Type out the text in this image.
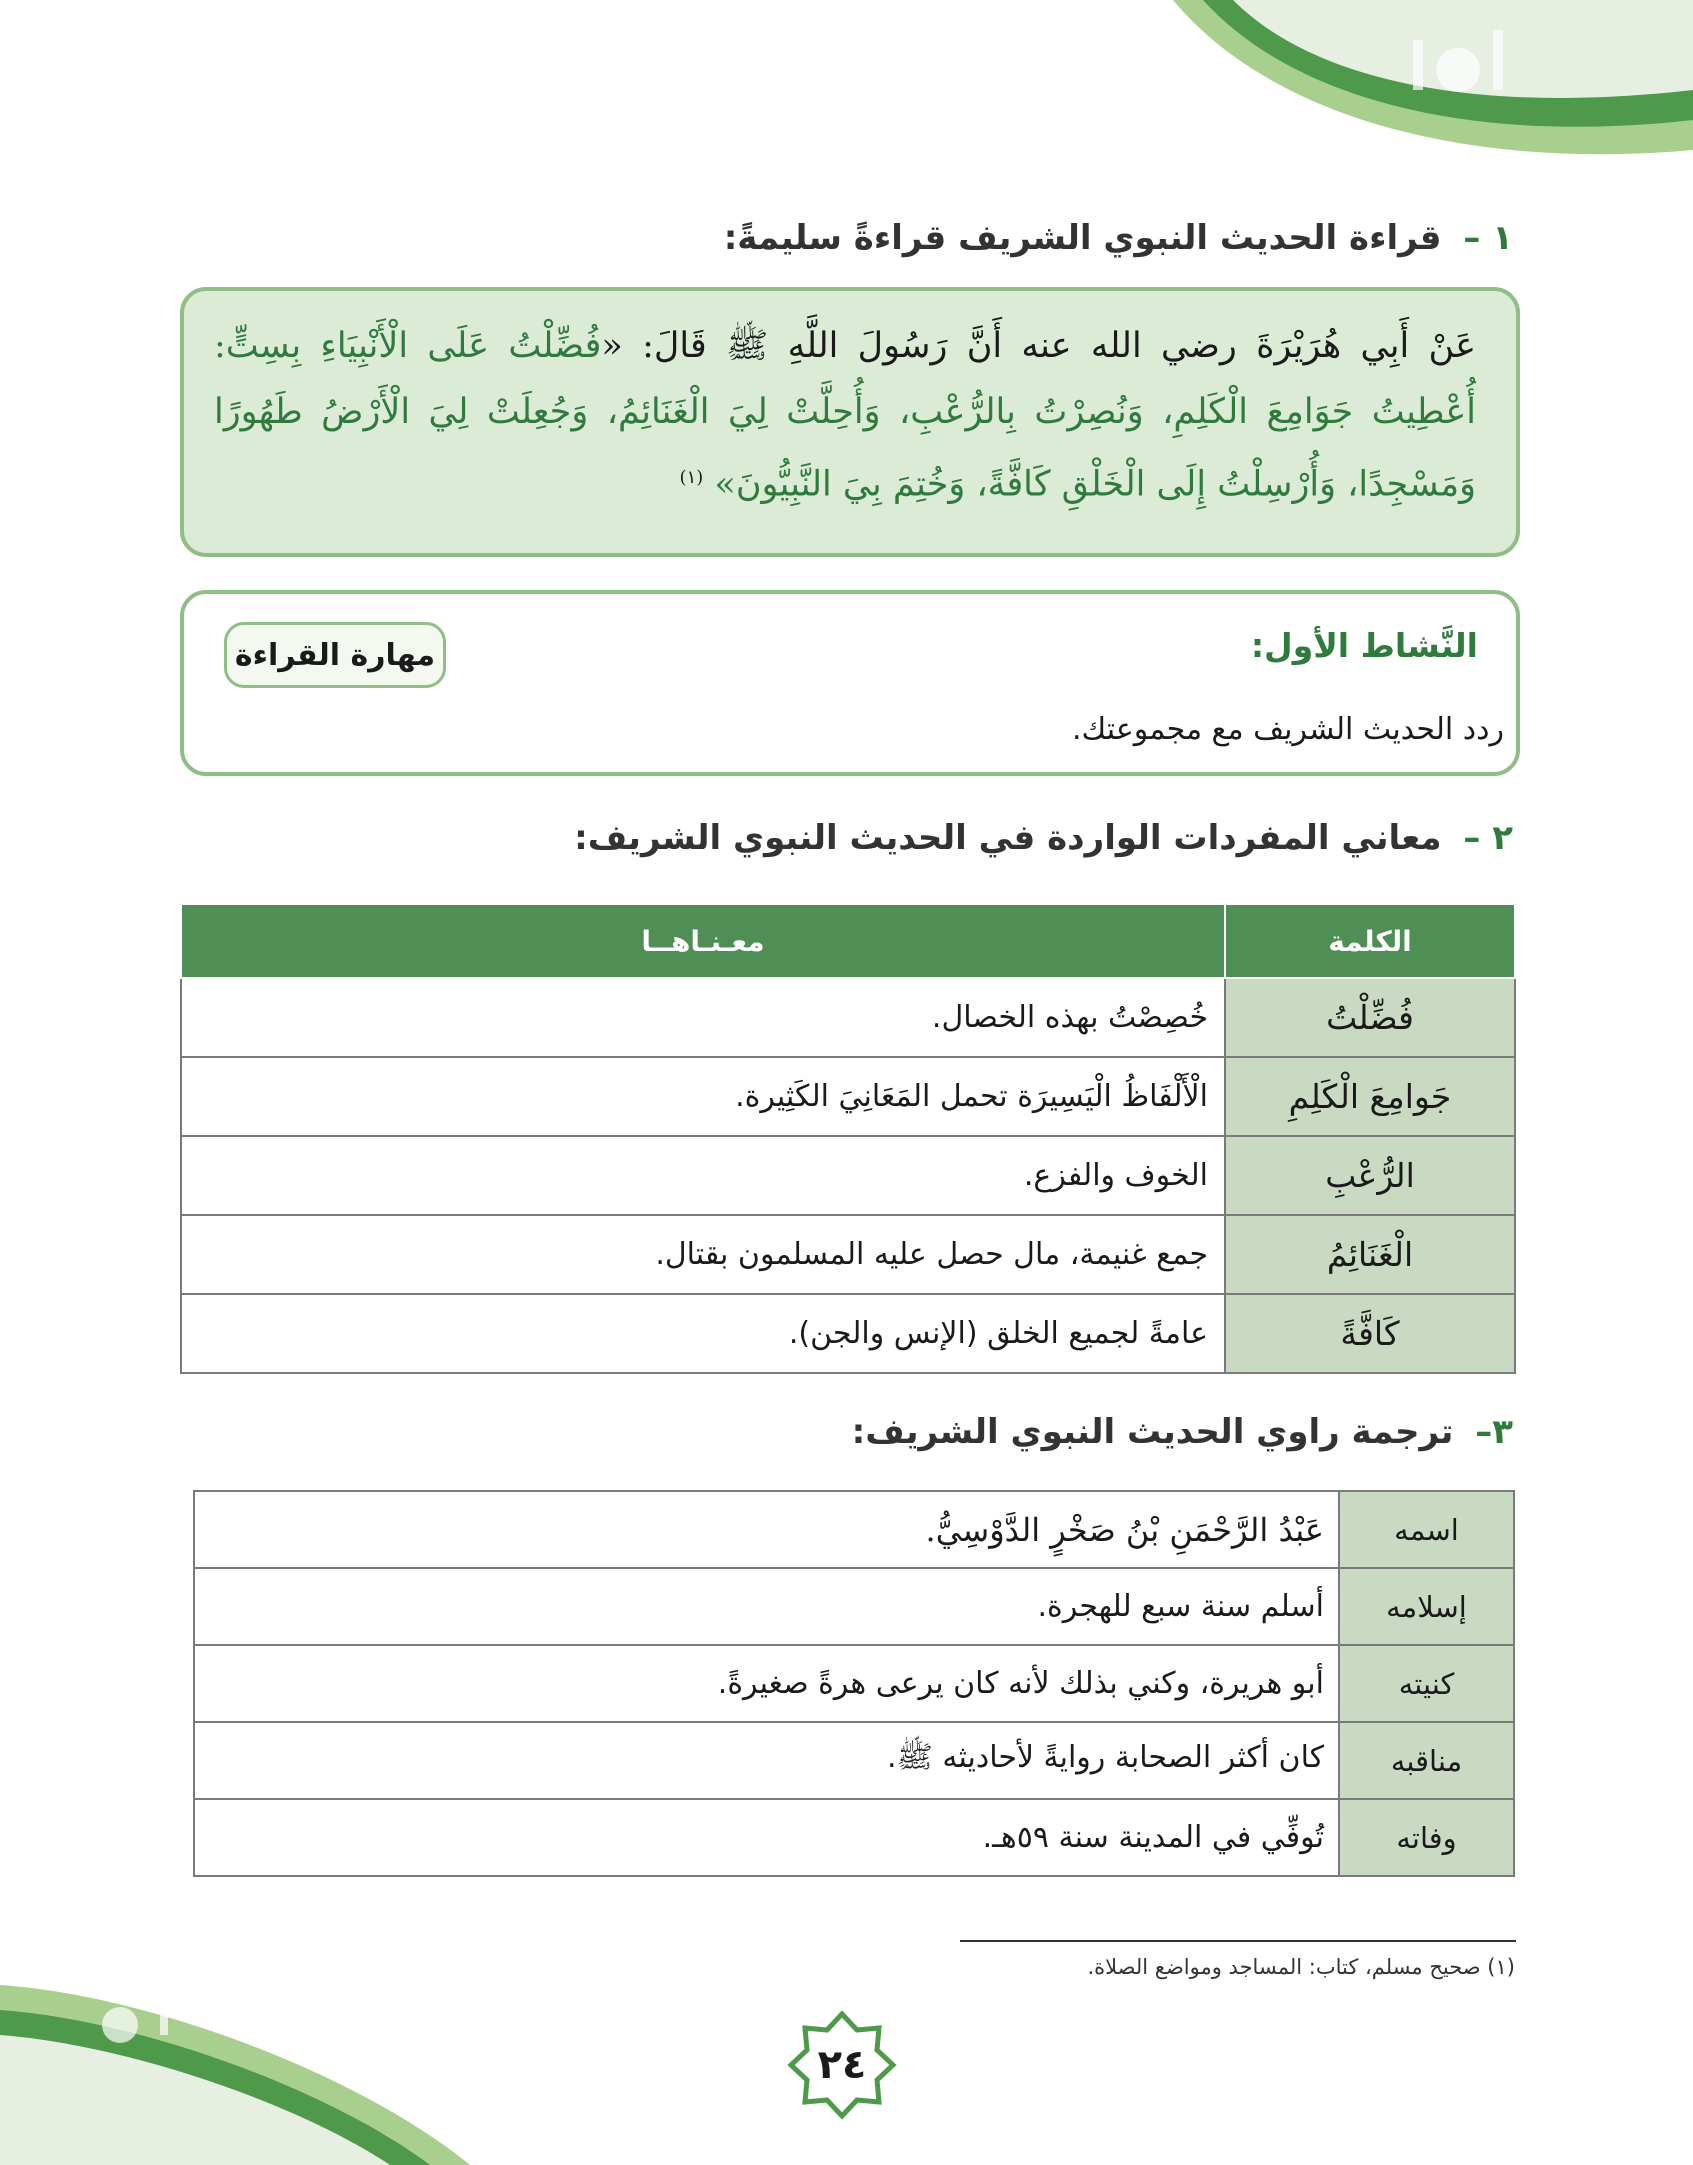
١ – قراءة الحديث النبوي الشريف قراءةً سليمةً:

عَنْ أَبِي هُرَيْرَةَ رضي الله عنه أَنَّ رَسُولَ اللَّهِ ﷺ قَالَ: «فُضِّلْتُ عَلَى الْأَنْبِيَاءِ بِسِتٍّ: أُعْطِيتُ جَوَامِعَ الْكَلِمِ، وَنُصِرْتُ بِالرُّعْبِ، وَأُحِلَّتْ لِيَ الْغَنَائِمُ، وَجُعِلَتْ لِيَ الْأَرْضُ طَهُورًا وَمَسْجِدًا، وَأُرْسِلْتُ إِلَى الْخَلْقِ كَافَّةً، وَخُتِمَ بِيَ النَّبِيُّونَ» $^{(١)}$

النَّشاط الأول:
مهارة القراءة
ردد الحديث الشريف مع مجموعتك.
٢ – معاني المفردات الواردة في الحديث النبوي الشريف:
الكلمة	معـنـاهــا
فُضِّلْتُ	خُصِصْتُ بهذه الخصال.
جَوامِعَ الْكَلِمِ	الْأَلْفَاظُ الْيَسِيرَة تحمل المَعَانِيَ الكَثِيرة.
الرُّعْبِ	الخوف والفزع.
الْغَنَائِمُ	جمع غنيمة، مال حصل عليه المسلمون بقتال.
كَافَّةً	عامةً لجميع الخلق (الإنس والجن).
٣– ترجمة راوي الحديث النبوي الشريف:
اسمه	عَبْدُ الرَّحْمَنِ بْنُ صَخْرٍ الدَّوْسِيُّ.
إسلامه	أسلم سنة سبع للهجرة.
كنيته	أبو هريرة، وكني بذلك لأنه كان يرعى هرةً صغيرةً.
مناقبه	كان أكثر الصحابة روايةً لأحاديثه ﷺ.
وفاته	تُوفِّي في المدينة سنة ٥٩هـ.
(١) صحيح مسلم، كتاب: المساجد ومواضع الصلاة.
٢٤
